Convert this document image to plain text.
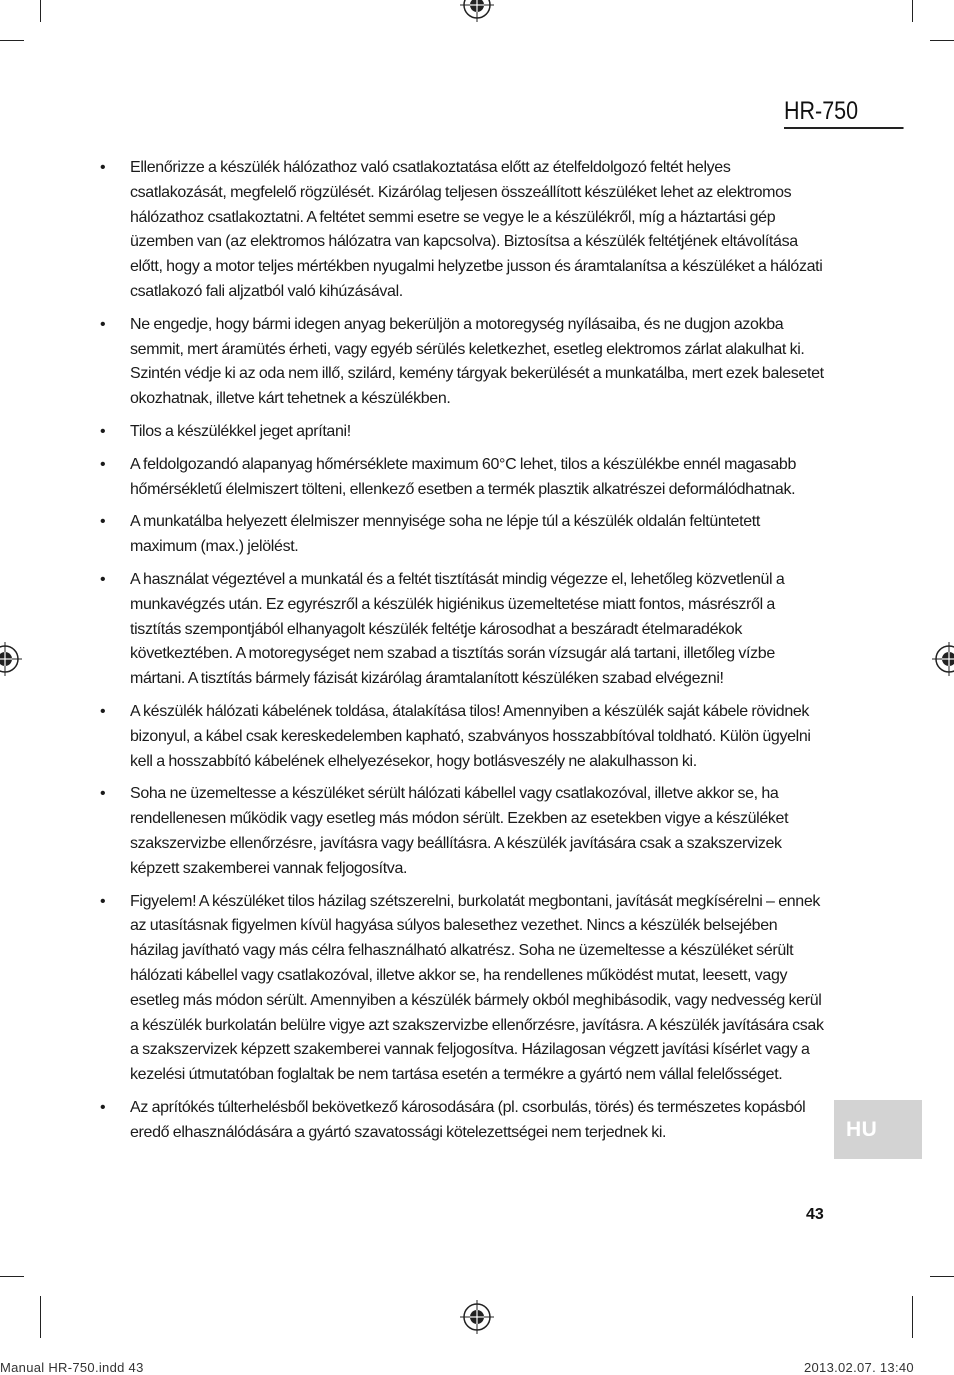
HR-750
• Ellenőrizze a készülék hálózathoz való csatlakoztatása előtt az ételfeldolgozó feltét helyes csatlakozását, megfelelő rögzülését. Kizárólag teljesen összeállított készüléket lehet az elektromos hálózathoz csatlakoztatni. A feltétet semmi esetre se vegye le a készülékről, míg a háztartási gép üzemben van (az elektromos hálózatra van kapcsolva). Biztosítsa a készülék feltétjének eltávolítása előtt, hogy a motor teljes mértékben nyugalmi helyzetbe jusson és áramtalanítsa a készüléket a hálózati csatlakozó fali aljzatból való kihúzásával.
• Ne engedje, hogy bármi idegen anyag bekerüljön a motoregység nyílásaiba, és ne dugjon azokba semmit, mert áramütés érheti, vagy egyéb sérülés keletkezhet, esetleg elektromos zárlat alakulhat ki. Szintén védje ki az oda nem illő, szilárd, kemény tárgyak bekerülését a munkatálba, mert ezek balesetet okozhatnak, illetve kárt tehetnek a készülékben.
• Tilos a készülékkel jeget aprítani!
• A feldolgozandó alapanyag hőmérséklete maximum 60°C lehet, tilos a készülékbe ennél magasabb hőmérsékletű élelmiszert tölteni, ellenkező esetben a termék plasztik alkatrészei deformálódhatnak.
• A munkatálba helyezett élelmiszer mennyisége soha ne lépje túl a készülék oldalán feltüntetett maximum (max.) jelölést.
• A használat végeztével a munkatál és a feltét tisztítását mindig végezze el, lehetőleg közvetlenül a munkavégzés után. Ez egyrészről a készülék higiénikus üzemeltetése miatt fontos, másrészről a tisztítás szempontjából elhanyagolt készülék feltétje károsodhat a beszáradt ételmaradékok következtében. A motoregységet nem szabad a tisztítás során vízsugár alá tartani, illetőleg vízbe mártani. A tisztítás bármely fázisát kizárólag áramtalanított készüléken szabad elvégezni!
• A készülék hálózati kábelének toldása, átalakítása tilos! Amennyiben a készülék saját kábele rövidnek bizonyul, a kábel csak kereskedelemben kapható, szabványos hosszabbítóval toldható. Külön ügyelni kell a hosszabbító kábelének elhelyezésekor, hogy botlásveszély ne alakulhasson ki.
• Soha ne üzemeltesse a készüléket sérült hálózati kábellel vagy csatlakozóval, illetve akkor se, ha rendellenesen működik vagy esetleg más módon sérült. Ezekben az esetekben vigye a készüléket szakszervizbe ellenőrzésre, javításra vagy beállításra. A készülék javítására csak a szakszervizek képzett szakemberei vannak feljogosítva.
• Figyelem! A készüléket tilos házilag szétszerelni, burkolatát megbontani, javítását megkísérelni – ennek az utasításnak figyelmen kívül hagyása súlyos balesethez vezethet. Nincs a készülék belsejében házilag javítható vagy más célra felhasználható alkatrész. Soha ne üzemeltesse a készüléket sérült hálózati kábellel vagy csatlakozóval, illetve akkor se, ha rendellenes működést mutat, leesett, vagy esetleg más módon sérült. Amennyiben a készülék bármely okból meghibásodik, vagy nedvesség kerül a készülék burkolatán belülre vigye azt szakszervizbe ellenőrzésre, javításra. A készülék javítására csak a szakszervizek képzett szakemberei vannak feljogosítva. Házilagosan végzett javítási kísérlet vagy a kezelési útmutatóban foglaltak be nem tartása esetén a termékre a gyártó nem vállal felelősséget.
• Az aprítókés túlterhelésből bekövetkező károsodására (pl. csorbulás, törés) és természetes kopásból eredő elhasználódására a gyártó szavatossági kötelezettségei nem terjednek ki.	HU
43
Manual HR-750.indd 43	2013.02.07. 13:40
